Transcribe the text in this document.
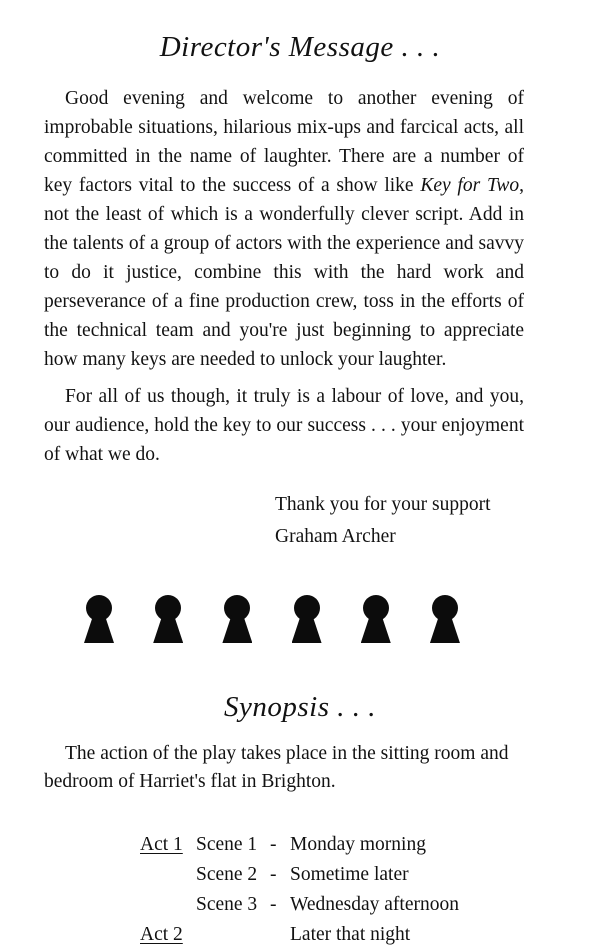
Director's Message . . .

Good evening and welcome to another evening of improbable situations, hilarious mix-ups and farcical acts, all committed in the name of laughter. There are a number of key factors vital to the success of a show like Key for Two, not the least of which is a wonderfully clever script. Add in the talents of a group of actors with the experience and savvy to do it justice, combine this with the hard work and perseverance of a fine production crew, toss in the efforts of the technical team and you're just beginning to appreciate how many keys are needed to unlock your laughter.

For all of us though, it truly is a labour of love, and you, our audience, hold the key to our success . . . your enjoyment of what we do.

Thank you for your support

Graham Archer

Synopsis . . .

The action of the play takes place in the sitting room and bedroom of Harriet's flat in Brighton.

Act 1 Scene 1 - Monday morning
Scene 2 - Sometime later
Scene 3 - Wednesday afternoon
Act 2	Later that night
